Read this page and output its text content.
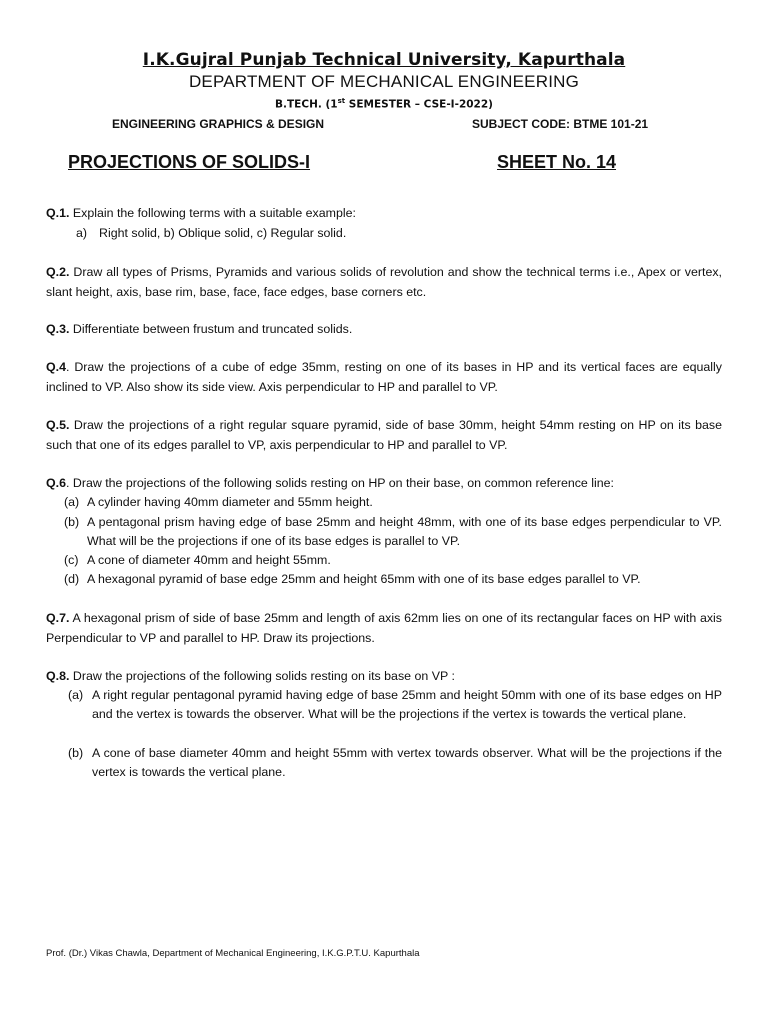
I.K.Gujral Punjab Technical University, Kapurthala
DEPARTMENT OF MECHANICAL ENGINEERING
B.TECH. (1st SEMESTER – CSE-I-2022)
ENGINEERING GRAPHICS & DESIGN	SUBJECT CODE: BTME 101-21
PROJECTIONS OF SOLIDS-I	SHEET No. 14
Q.1. Explain the following terms with a suitable example:
a) Right solid, b) Oblique solid, c) Regular solid.
Q.2. Draw all types of Prisms, Pyramids and various solids of revolution and show the technical terms i.e., Apex or vertex, slant height, axis, base rim, base, face, face edges, base corners etc.
Q.3. Differentiate between frustum and truncated solids.
Q.4. Draw the projections of a cube of edge 35mm, resting on one of its bases in HP and its vertical faces are equally inclined to VP. Also show its side view. Axis perpendicular to HP and parallel to VP.
Q.5. Draw the projections of a right regular square pyramid, side of base 30mm, height 54mm resting on HP on its base such that one of its edges parallel to VP, axis perpendicular to HP and parallel to VP.
Q.6. Draw the projections of the following solids resting on HP on their base, on common reference line:
(a) A cylinder having 40mm diameter and 55mm height.
(b) A pentagonal prism having edge of base 25mm and height 48mm, with one of its base edges perpendicular to VP. What will be the projections if one of its base edges is parallel to VP.
(c) A cone of diameter 40mm and height 55mm.
(d) A hexagonal pyramid of base edge 25mm and height 65mm with one of its base edges parallel to VP.
Q.7. A hexagonal prism of side of base 25mm and length of axis 62mm lies on one of its rectangular faces on HP with axis Perpendicular to VP and parallel to HP. Draw its projections.
Q.8. Draw the projections of the following solids resting on its base on VP :
(a) A right regular pentagonal pyramid having edge of base 25mm and height 50mm with one of its base edges on HP and the vertex is towards the observer. What will be the projections if the vertex is towards the vertical plane.
(b) A cone of base diameter 40mm and height 55mm with vertex towards observer. What will be the projections if the vertex is towards the vertical plane.
Prof. (Dr.) Vikas Chawla, Department of Mechanical Engineering, I.K.G.P.T.U. Kapurthala
